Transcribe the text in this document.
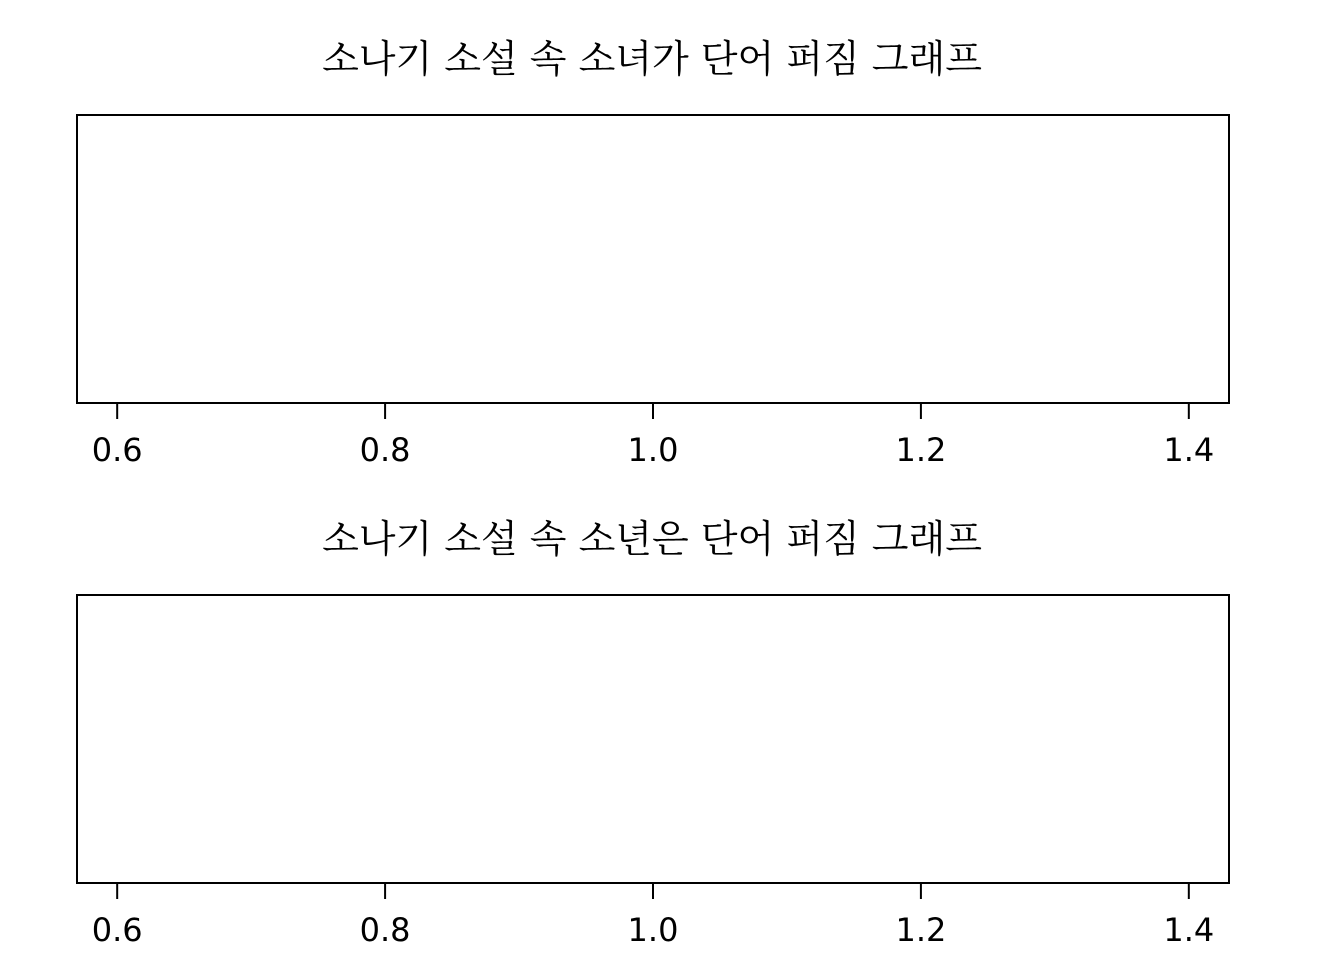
소나기 소설 속 소녀가 단어 퍼짐 그래프
0.6	0.8	1.0	1.2	1.4
소나기 소설 속 소년은 단어 퍼짐 그래프
0.6	0.8	1.0	1.2	1.4
